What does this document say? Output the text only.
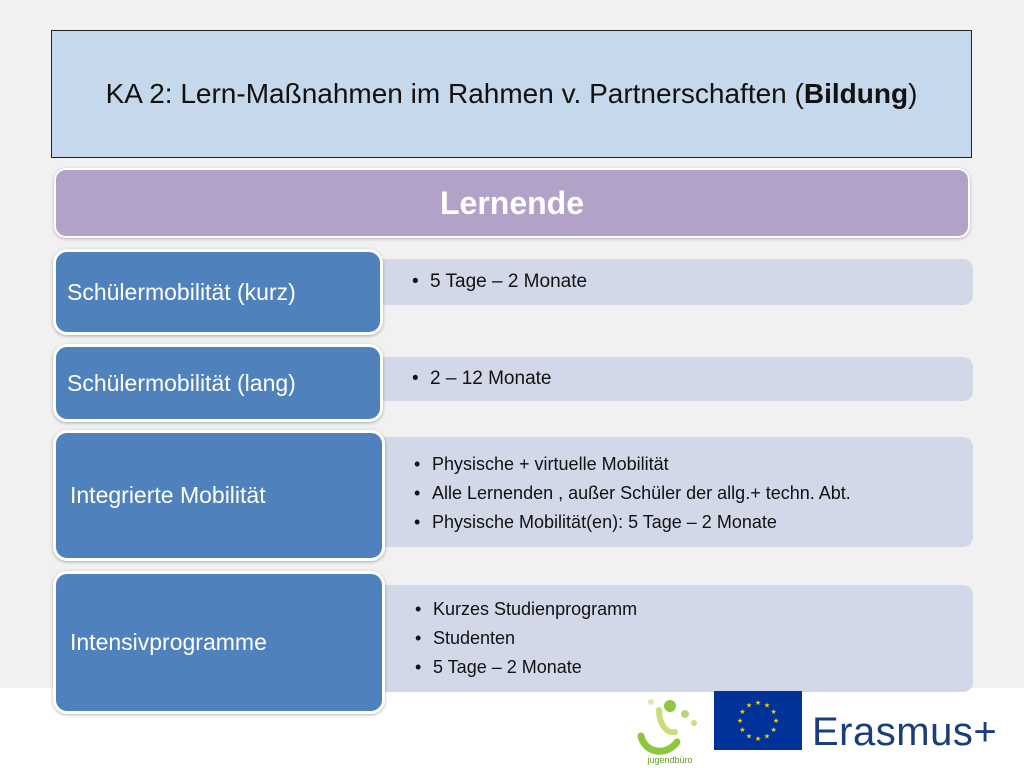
KA 2: Lern-Maßnahmen im Rahmen v. Partnerschaften (Bildung)
Lernende
• 5 Tage – 2 Monate
Schülermobilität (kurz)
• 2 – 12 Monate
Schülermobilität (lang)
• Physische + virtuelle Mobilität
• Alle Lernenden , außer Schüler der allg.+ techn. Abt.
• Physische Mobilität(en): 5 Tage – 2 Monate
Integrierte Mobilität
• Kurzes Studienprogramm
• Studenten
• 5 Tage – 2 Monate
Intensivprogramme
jugendbüro
★ ★
★
★
★
★
★
★
★
★
★
★
Erasmus+
